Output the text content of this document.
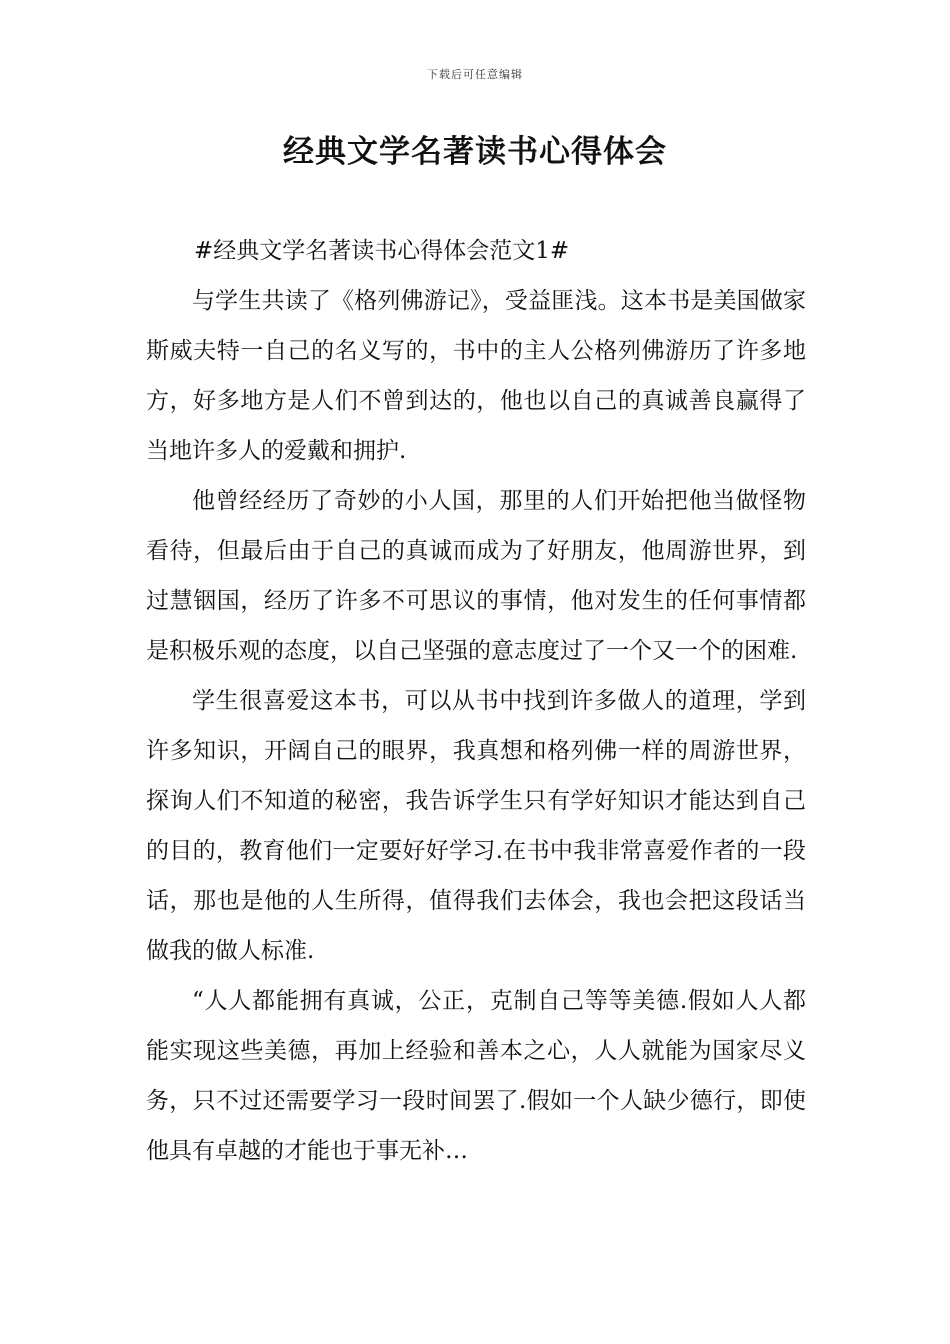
下载后可任意编辑
经典文学名著读书心得体会

#经典文学名著读书心得体会范文1#

与学生共读了《格列佛游记》，受益匪浅。这本书是美国做家斯威夫特一自己的名义写的，书中的主人公格列佛游历了许多地方，好多地方是人们不曾到达的，他也以自己的真诚善良赢得了当地许多人的爱戴和拥护.

他曾经经历了奇妙的小人国，那里的人们开始把他当做怪物看待，但最后由于自己的真诚而成为了好朋友，他周游世界，到过慧铟国，经历了许多不可思议的事情，他对发生的任何事情都是积极乐观的态度，以自己坚强的意志度过了一个又一个的困难.

学生很喜爱这本书，可以从书中找到许多做人的道理，学到许多知识，开阔自己的眼界，我真想和格列佛一样的周游世界，探询人们不知道的秘密，我告诉学生只有学好知识才能达到自己的目的，教育他们一定要好好学习.在书中我非常喜爱作者的一段话，那也是他的人生所得，值得我们去体会，我也会把这段话当做我的做人标准.

“人人都能拥有真诚，公正，克制自己等等美德.假如人人都能实现这些美德，再加上经验和善本之心，人人就能为国家尽义务，只不过还需要学习一段时间罢了.假如一个人缺少德行，即使他具有卓越的才能也于事无补…
